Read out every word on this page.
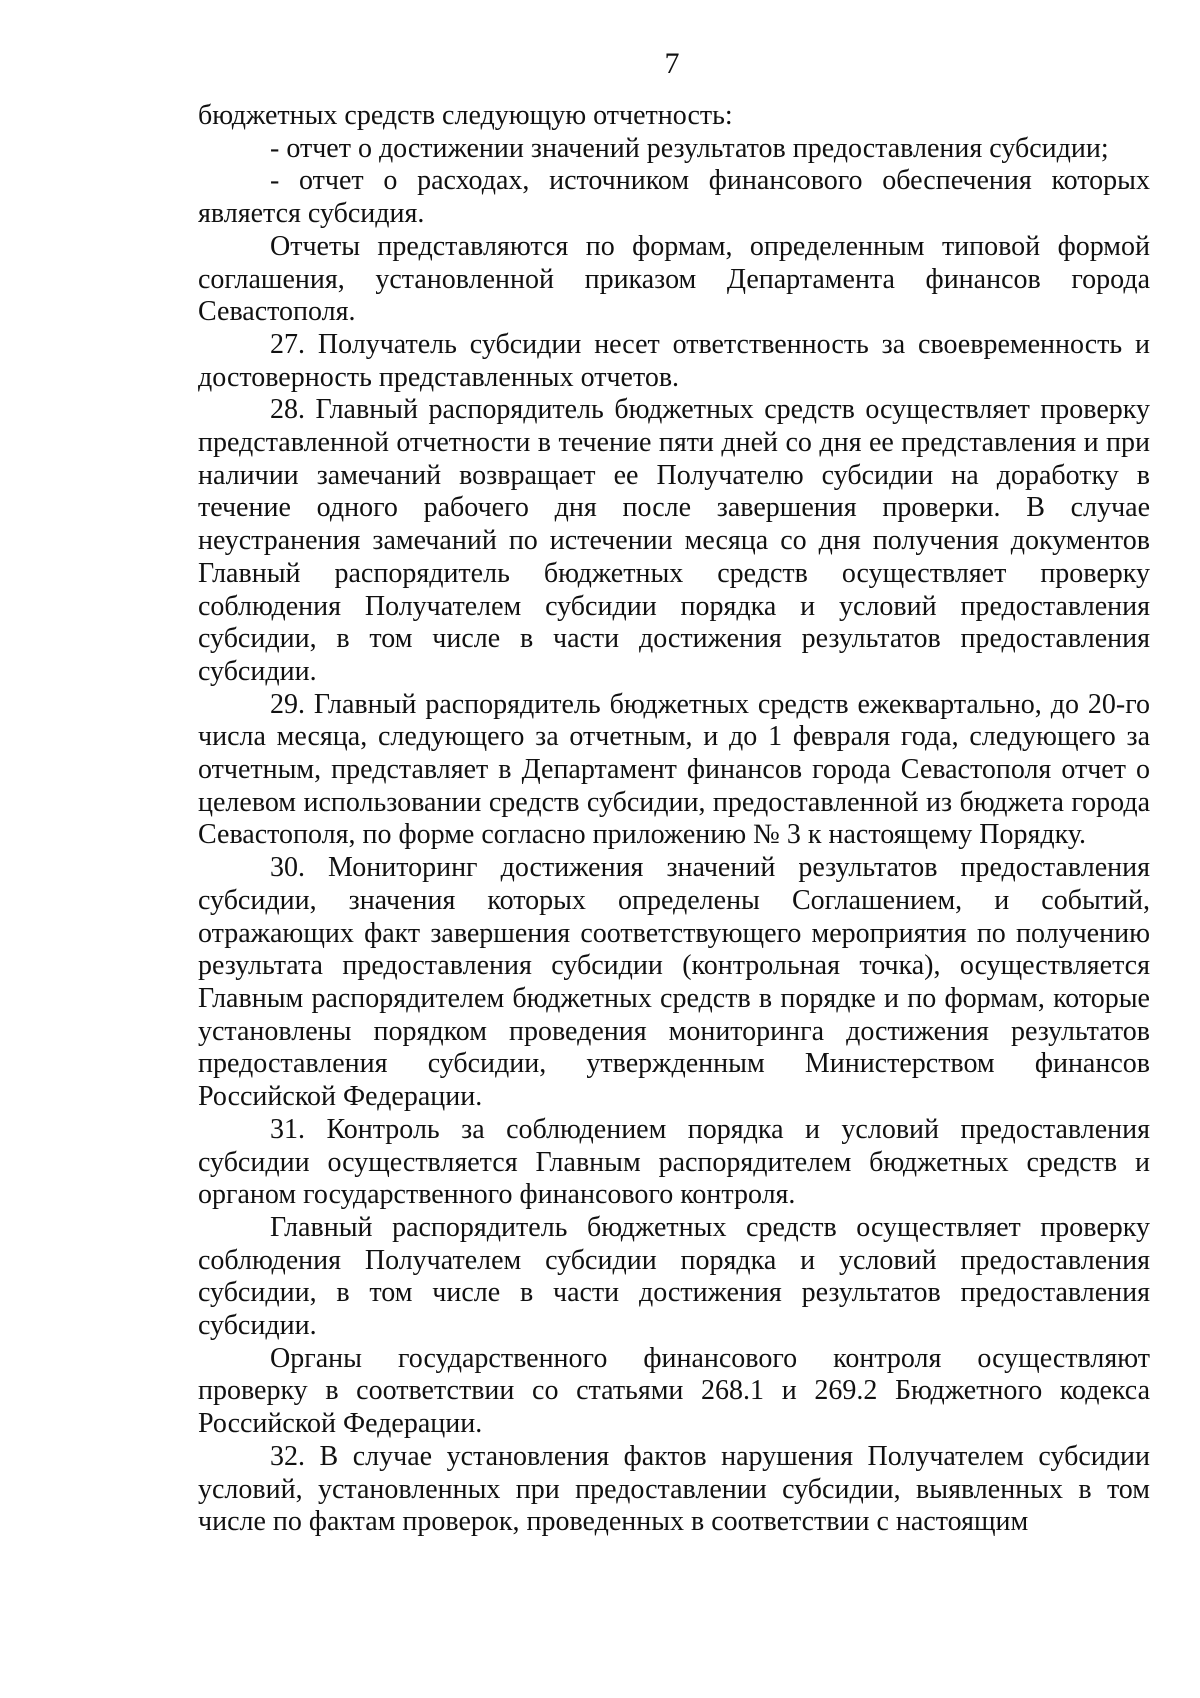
7

бюджетных средств следующую отчетность:

- отчет о достижении значений результатов предоставления субсидии;

- отчет о расходах, источником финансового обеспечения которых является субсидия.

Отчеты представляются по формам, определенным типовой формой соглашения, установленной приказом Департамента финансов города Севастополя.

27. Получатель субсидии несет ответственность за своевременность и достоверность представленных отчетов.

28. Главный распорядитель бюджетных средств осуществляет проверку представленной отчетности в течение пяти дней со дня ее представления и при наличии замечаний возвращает ее Получателю субсидии на доработку в течение одного рабочего дня после завершения проверки. В случае неустранения замечаний по истечении месяца со дня получения документов Главный распорядитель бюджетных средств осуществляет проверку соблюдения Получателем субсидии порядка и условий предоставления субсидии, в том числе в части достижения результатов предоставления субсидии.

29. Главный распорядитель бюджетных средств ежеквартально, до 20-го числа месяца, следующего за отчетным, и до 1 февраля года, следующего за отчетным, представляет в Департамент финансов города Севастополя отчет о целевом использовании средств субсидии, предоставленной из бюджета города Севастополя, по форме согласно приложению № 3 к настоящему Порядку.

30. Мониторинг достижения значений результатов предоставления субсидии, значения которых определены Соглашением, и событий, отражающих факт завершения соответствующего мероприятия по получению результата предоставления субсидии (контрольная точка), осуществляется Главным распорядителем бюджетных средств в порядке и по формам, которые установлены порядком проведения мониторинга достижения результатов предоставления субсидии, утвержденным Министерством финансов Российской Федерации.

31. Контроль за соблюдением порядка и условий предоставления субсидии осуществляется Главным распорядителем бюджетных средств и органом государственного финансового контроля.

Главный распорядитель бюджетных средств осуществляет проверку соблюдения Получателем субсидии порядка и условий предоставления субсидии, в том числе в части достижения результатов предоставления субсидии.

Органы государственного финансового контроля осуществляют проверку в соответствии со статьями 268.1 и 269.2 Бюджетного кодекса Российской Федерации.

32. В случае установления фактов нарушения Получателем субсидии условий, установленных при предоставлении субсидии, выявленных в том числе по фактам проверок, проведенных в соответствии с настоящим
